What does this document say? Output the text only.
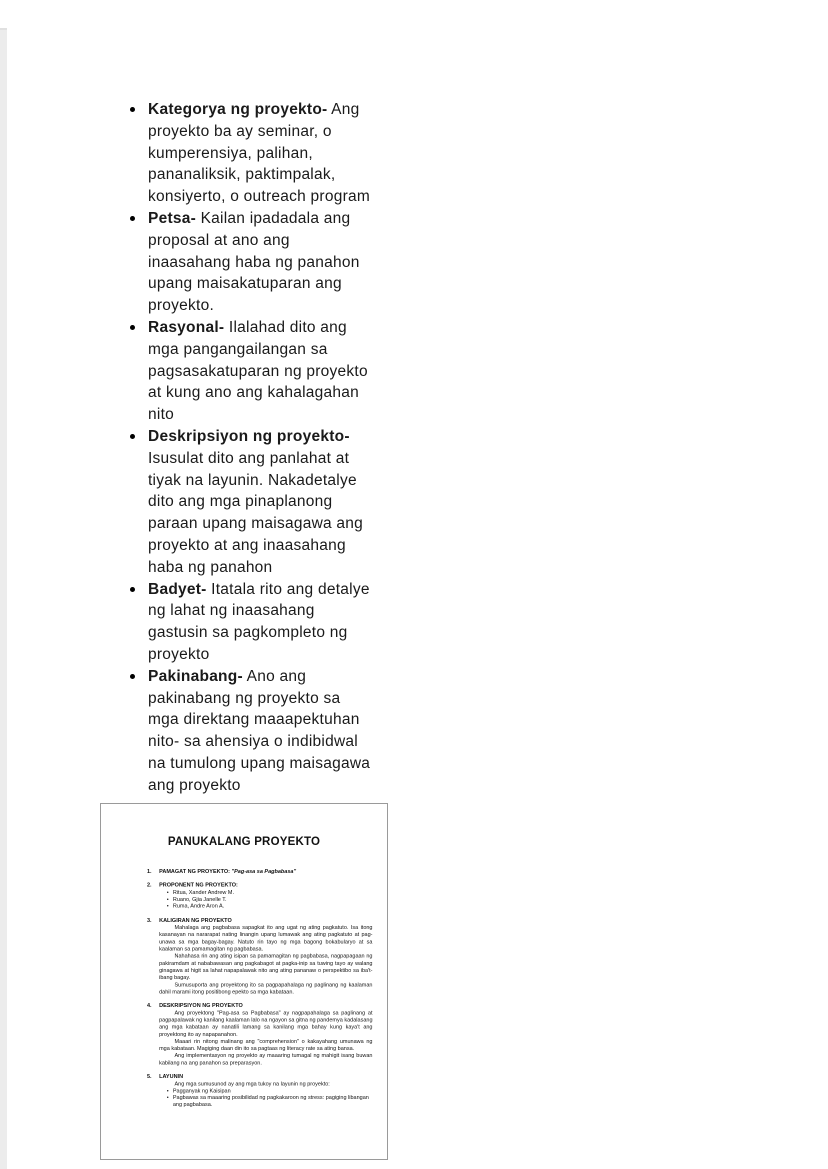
Kategorya ng proyekto- Ang proyekto ba ay seminar, o kumperensiya, palihan, pananaliksik, paktimpalak, konsiyerto, o outreach program
Petsa- Kailan ipadadala ang proposal at ano ang inaasahang haba ng panahon upang maisakatuparan ang proyekto.
Rasyonal- Ilalahad dito ang mga pangangailangan sa pagsasakatuparan ng proyekto at kung ano ang kahalagahan nito
Deskripsiyon ng proyekto- Isusulat dito ang panlahat at tiyak na layunin. Nakadetalye dito ang mga pinaplanong paraan upang maisagawa ang proyekto at ang inaasahang haba ng panahon
Badyet- Itatala rito ang detalye ng lahat ng inaasahang gastusin sa pagkompleto ng proyekto
Pakinabang- Ano ang pakinabang ng proyekto sa mga direktang maaapektuhan nito- sa ahensiya o indibidwal na tumulong upang maisagawa ang proyekto
PANUKALANG PROYEKTO
1. PAMAGAT NG PROYEKTO: "Pag-asa sa Pagbabasa"
2. PROPONENT NG PROYEKTO:
• Ritua, Xander Andrew M.
• Ruano, Gjia Janelle T.
• Ruma, Andre Aron A.
3. KALIGIRAN NG PROYEKTO

Mahalaga ang pagbabasa sapagkat ito ang ugat ng ating pagkatuto. Isa itong kasanayan na nararapat nating linangin upang lumawak ang ating pagkatuto at pag-unawa sa mga bagay-bagay. Natuto rin tayo ng mga bagong bokabularyo at sa kaalaman sa pamamagitan ng pagbabasa.

Nahahasa rin ang ating isipan sa pamamagitan ng pagbabasa, nagpapagaan ng pakiramdam at nababawasan ang pagkabagot at pagka-inip sa tuwing tayo ay walang ginagawa at higit sa lahat napapalawak nito ang ating pananaw o perspektibo sa iba't-ibang bagay.

Sumusuporta ang proyektong ito sa pagpapahalaga ng paglinang ng kaalaman dahil marami itong positibong epekto sa mga kabataan.

4. DESKRIPSIYON NG PROYEKTO

Ang proyektong "Pag-asa sa Pagbabasa" ay nagpapahalaga sa paglinang at pagpapalawak ng kanilang kaalaman lalo na ngayon sa gitna ng pandemya kadalasang ang mga kabataan ay nanatili lamang sa kanilang mga bahay kung kaya't ang proyektong ito ay napapanahon.

Maaari rin nitong malinang ang "comprehension" o kakayahang umunawa ng mga kabataan. Magiging daan din ito sa pagtaas ng literacy rate sa ating bansa.

Ang implementasyon ng proyekto ay maaaring tumagal ng mahigit isang buwan kabilang na ang panahon sa preparasyon.

5. LAYUNIN
Ang mga sumusunod ay ang mga tukoy na layunin ng proyekto:
• Pagganyak ng Kaisipan
• Pagbawas sa maaaring posibilidad ng pagkakaroon ng stress: pagiging libangan ang pagbabasa.
